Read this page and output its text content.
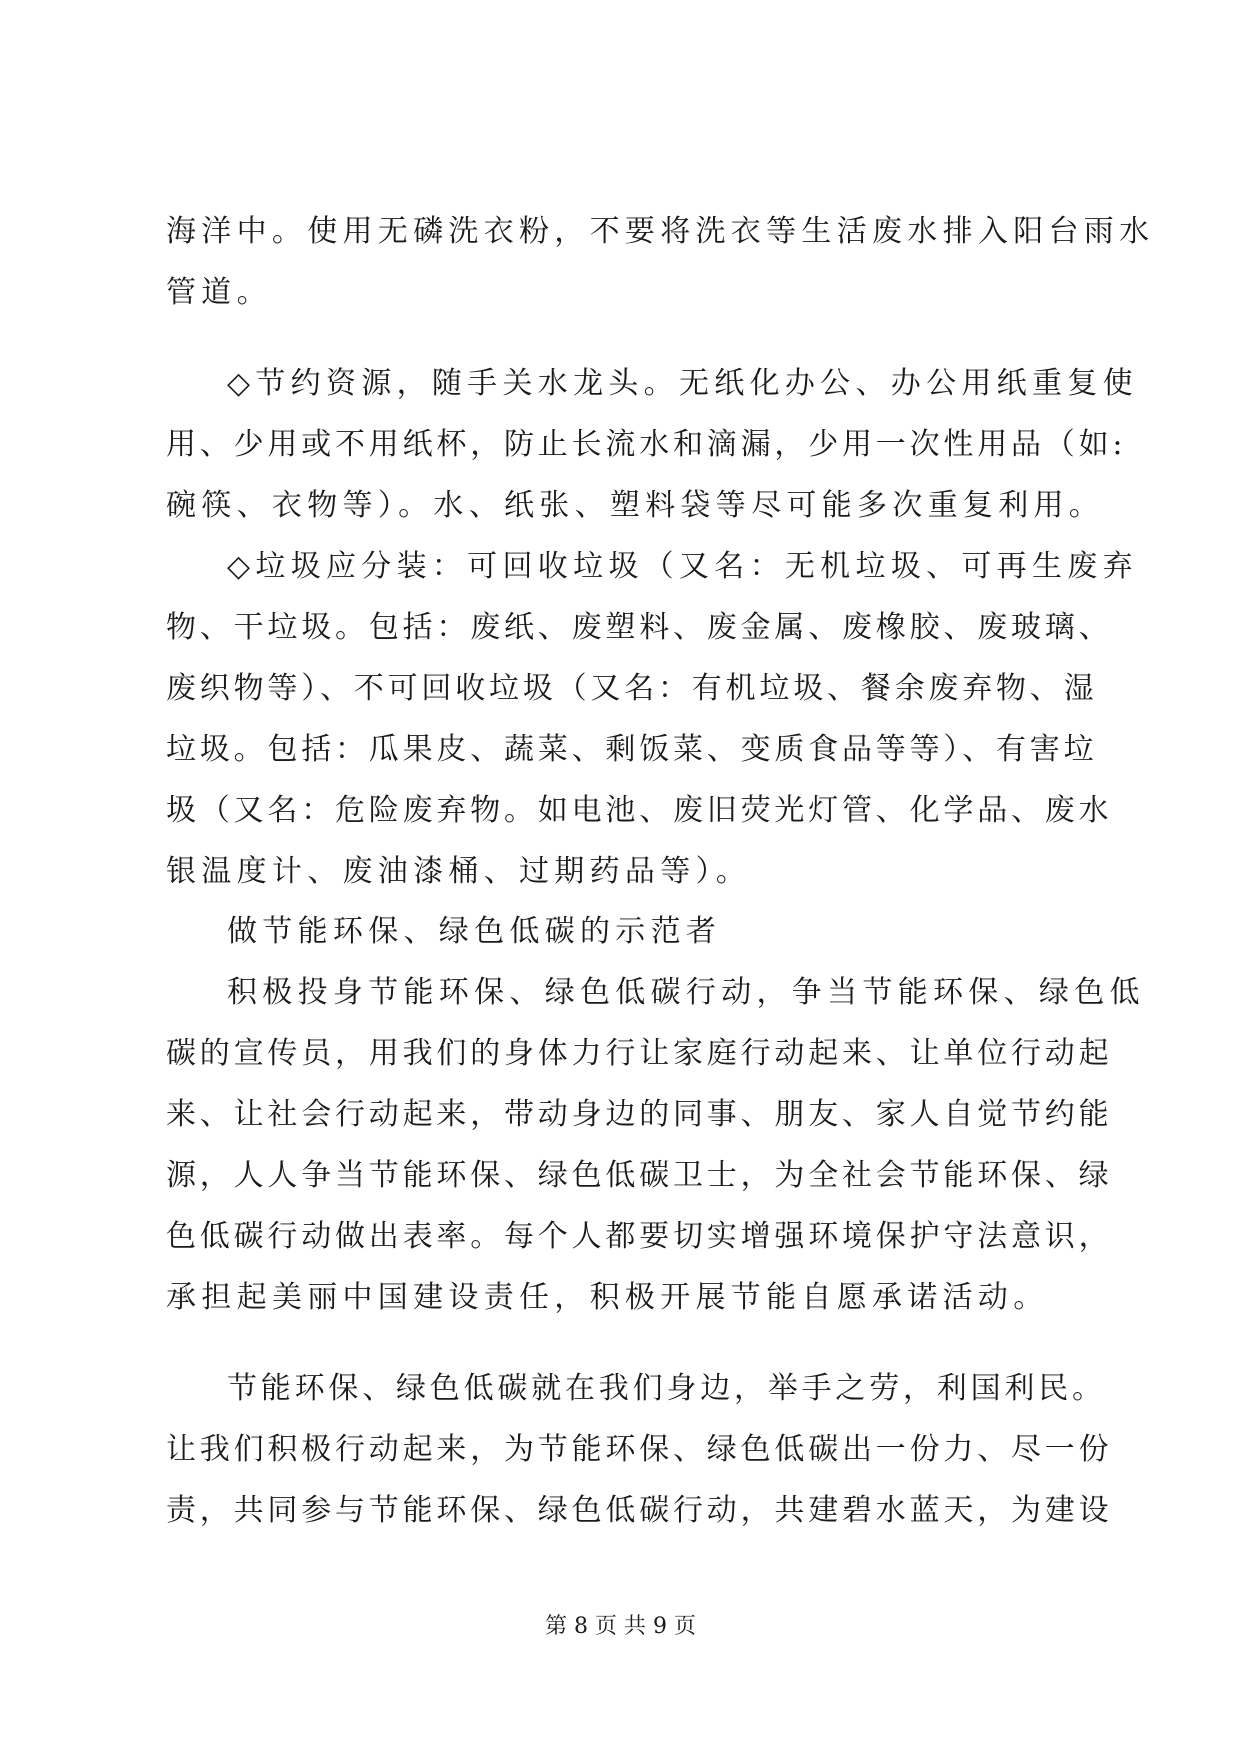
海洋中。使用无磷洗衣粉，不要将洗衣等生活废水排入阳台雨水
管道。
◇节约资源，随手关水龙头。无纸化办公、办公用纸重复使
用、少用或不用纸杯，防止长流水和滴漏，少用一次性用品（如:
碗筷、衣物等）。水、纸张、塑料袋等尽可能多次重复利用。
◇垃圾应分装：可回收垃圾（又名：无机垃圾、可再生废弃
物、干垃圾。包括：废纸、废塑料、废金属、废橡胶、废玻璃、
废织物等）、不可回收垃圾（又名：有机垃圾、餐余废弃物、湿
垃圾。包括：瓜果皮、蔬菜、剩饭菜、变质食品等等）、有害垃
圾（又名：危险废弃物。如电池、废旧荧光灯管、化学品、废水
银温度计、废油漆桶、过期药品等）。
做节能环保、绿色低碳的示范者
积极投身节能环保、绿色低碳行动，争当节能环保、绿色低
碳的宣传员，用我们的身体力行让家庭行动起来、让单位行动起
来、让社会行动起来，带动身边的同事、朋友、家人自觉节约能
源，人人争当节能环保、绿色低碳卫士，为全社会节能环保、绿
色低碳行动做出表率。每个人都要切实增强环境保护守法意识，
承担起美丽中国建设责任，积极开展节能自愿承诺活动。
节能环保、绿色低碳就在我们身边，举手之劳，利国利民。
让我们积极行动起来，为节能环保、绿色低碳出一份力、尽一份
责，共同参与节能环保、绿色低碳行动，共建碧水蓝天，为建设
第 8 页 共 9 页
